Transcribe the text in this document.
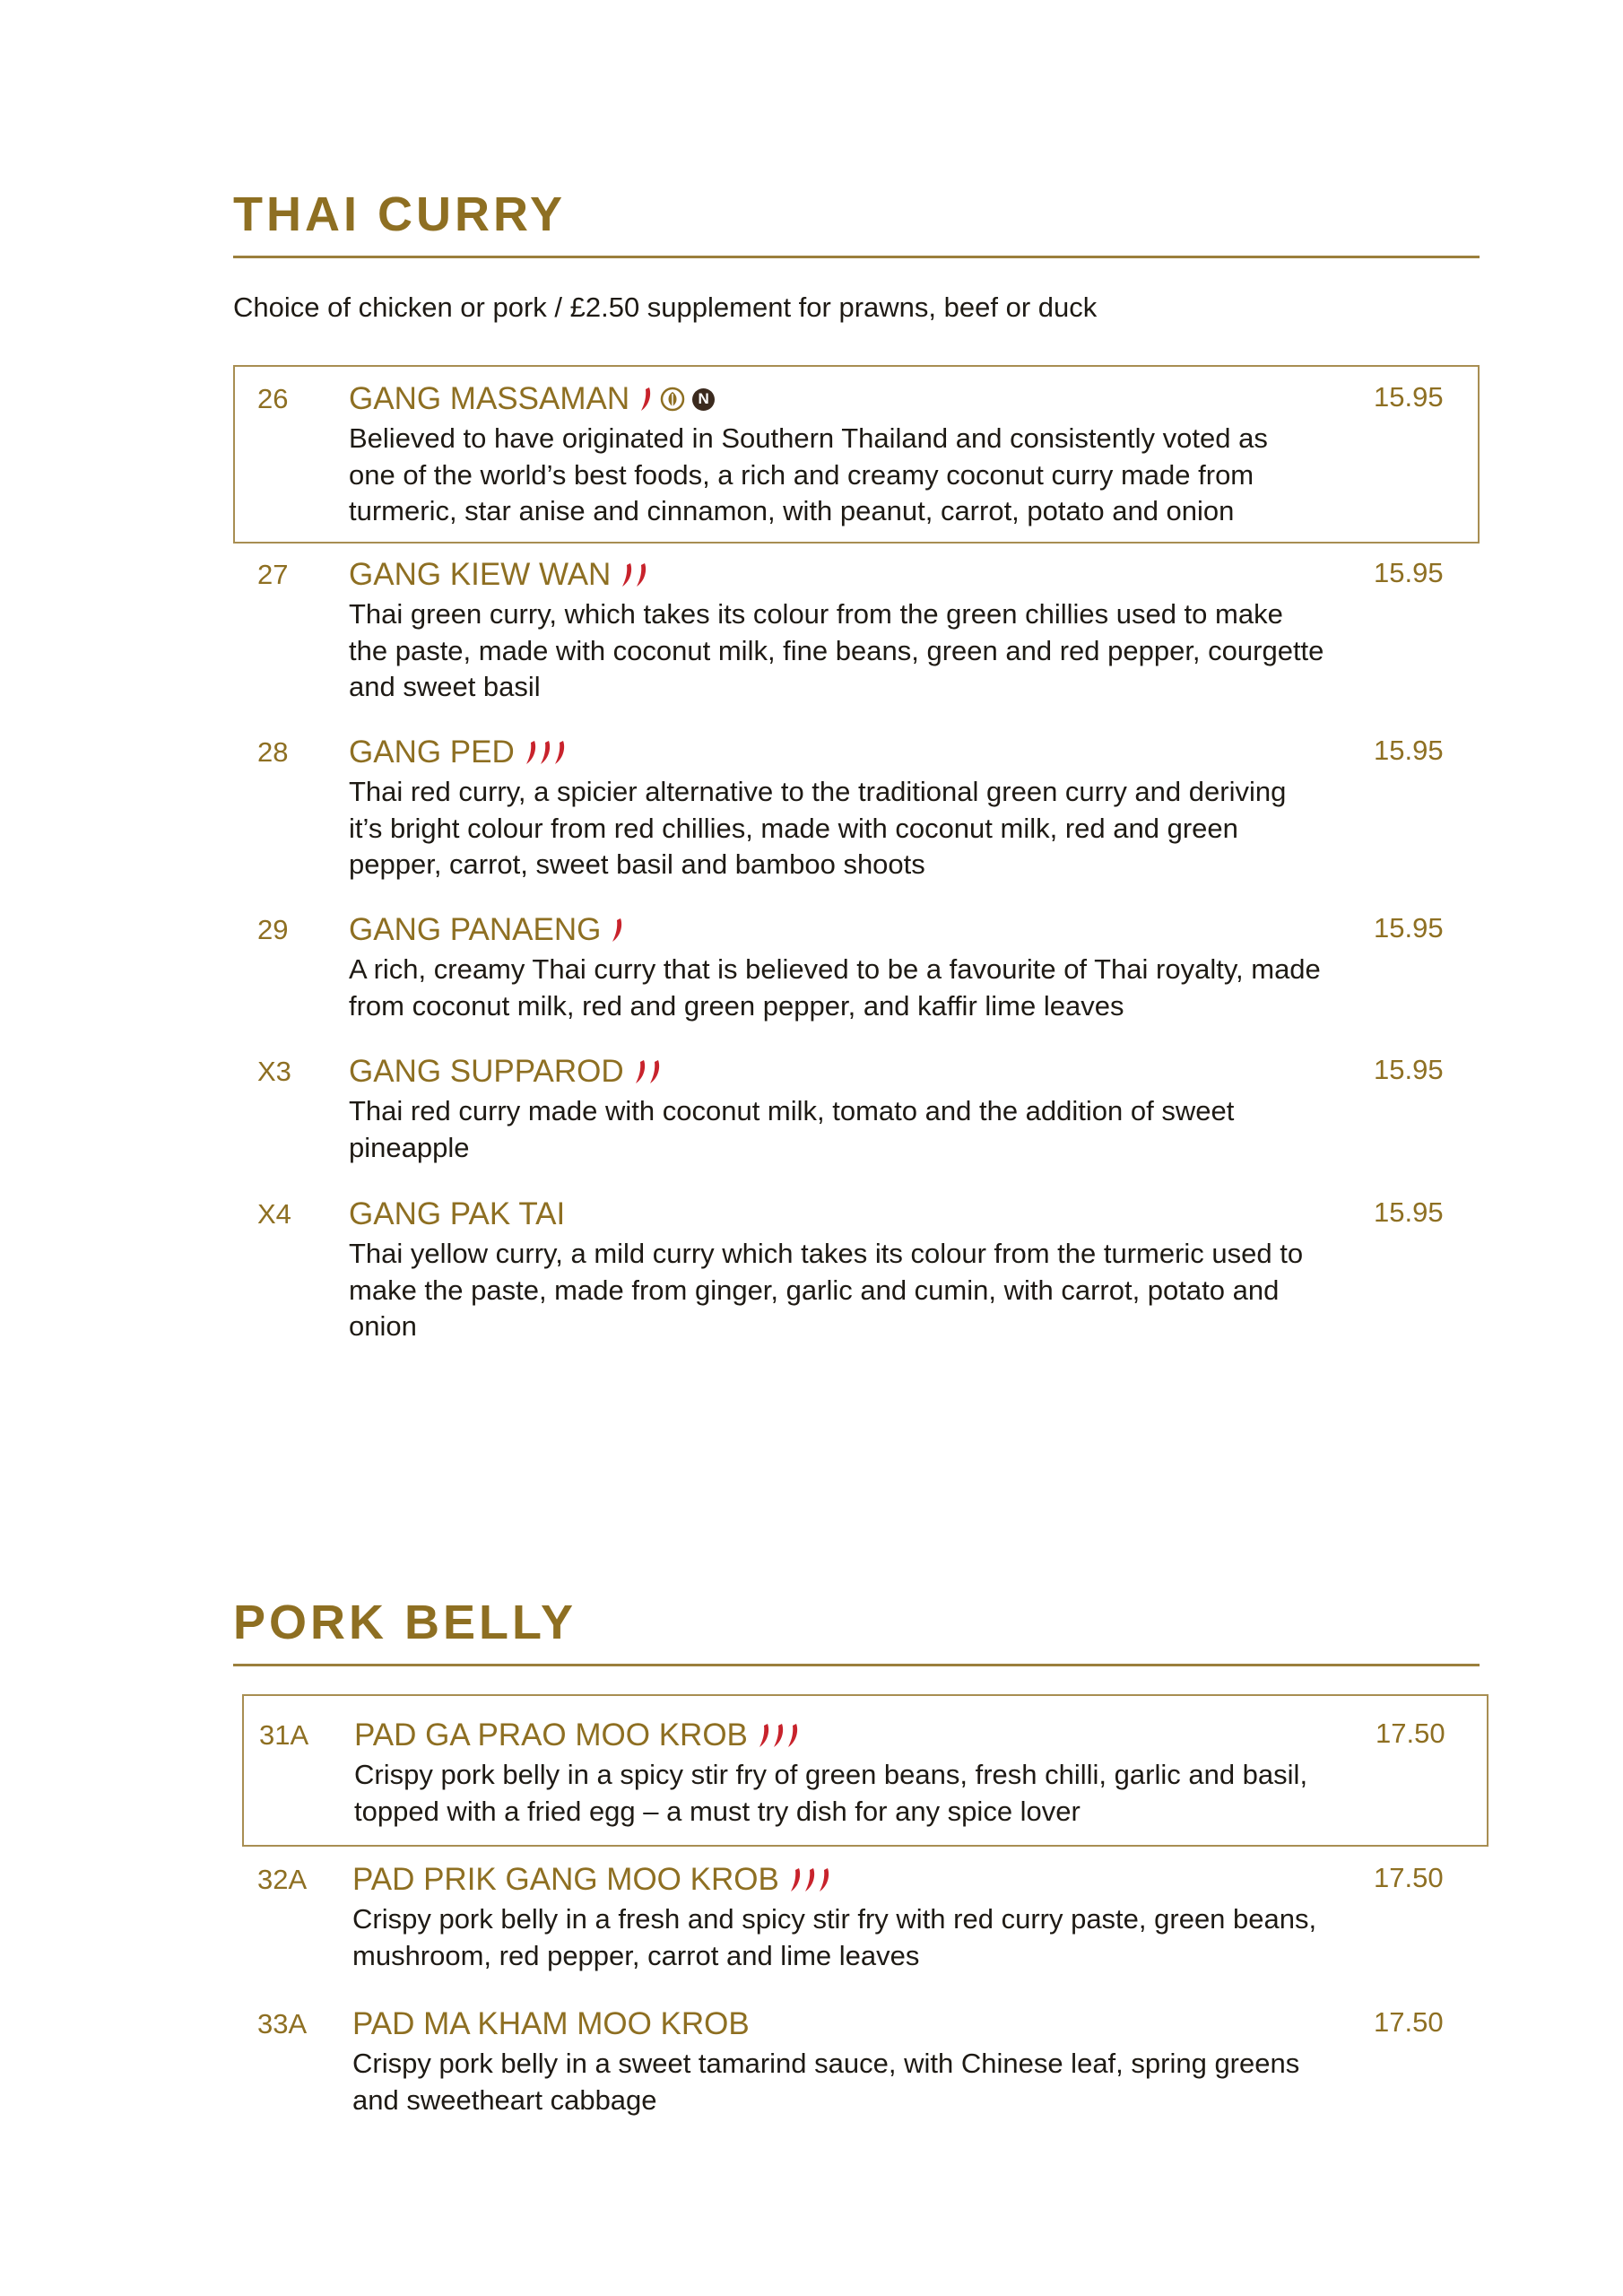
THAI CURRY
Choice of chicken or pork / £2.50 supplement for prawns, beef or duck
26 GANG MASSAMAN	N
Believed to have originated in Southern Thailand and consistently voted as one of the world’s best foods, a rich and creamy coconut curry made from turmeric, star anise and cinnamon, with peanut, carrot, potato and onion
15.95
27 GANG KIEW WAN
Thai green curry, which takes its colour from the green chillies used to make the paste, made with coconut milk, fine beans, green and red pepper, courgette and sweet basil
15.95
28 GANG PED
Thai red curry, a spicier alternative to the traditional green curry and deriving it’s bright colour from red chillies, made with coconut milk, red and green pepper, carrot, sweet basil and bamboo shoots
15.95
29 GANG PANAENG
A rich, creamy Thai curry that is believed to be a favourite of Thai royalty, made from coconut milk, red and green pepper, and kaffir lime leaves
15.95
X3 GANG SUPPAROD
Thai red curry made with coconut milk, tomato and the addition of sweet pineapple
15.95
X4 GANG PAK TAI
Thai yellow curry, a mild curry which takes its colour from the turmeric used to make the paste, made from ginger, garlic and cumin, with carrot, potato and onion
15.95
PORK BELLY
31A PAD GA PRAO MOO KROB
Crispy pork belly in a spicy stir fry of green beans, fresh chilli, garlic and basil, topped with a fried egg – a must try dish for any spice lover
17.50
32A PAD PRIK GANG MOO KROB
Crispy pork belly in a fresh and spicy stir fry with red curry paste, green beans, mushroom, red pepper, carrot and lime leaves
17.50
33A PAD MA KHAM MOO KROB
Crispy pork belly in a sweet tamarind sauce, with Chinese leaf, spring greens and sweetheart cabbage
17.50
